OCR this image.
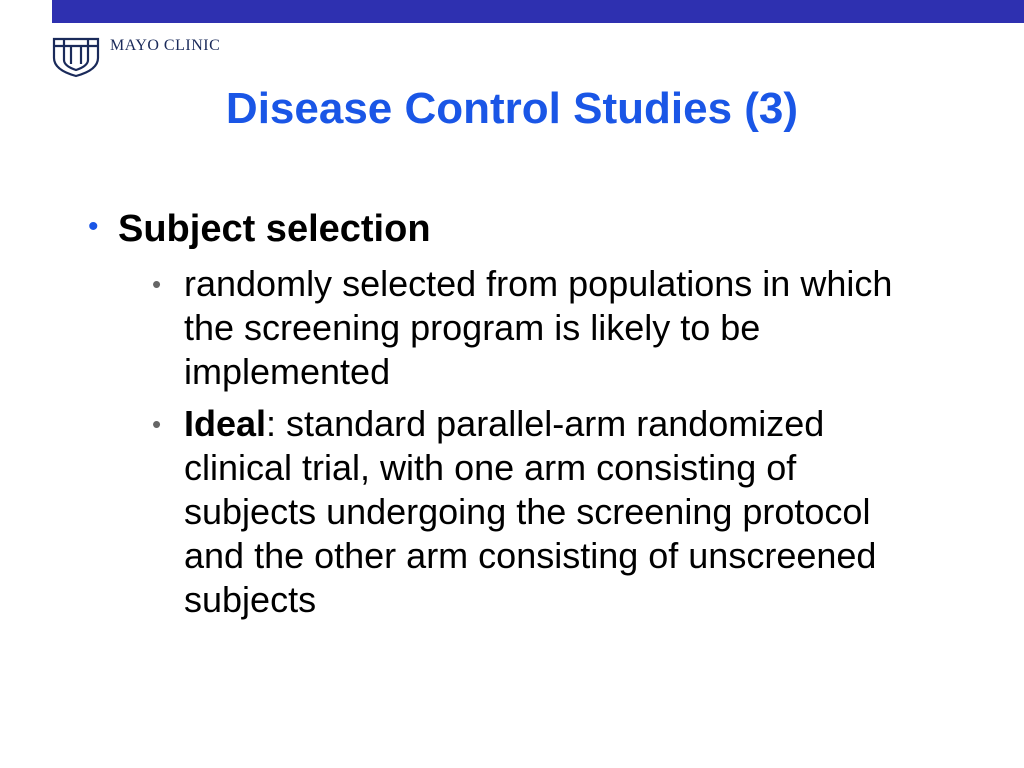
MAYO CLINIC
Disease Control Studies (3)
• Subject selection
• randomly selected from populations in which the screening program is likely to be implemented
• Ideal: standard parallel-arm randomized clinical trial, with one arm consisting of subjects undergoing the screening protocol and the other arm consisting of unscreened subjects
